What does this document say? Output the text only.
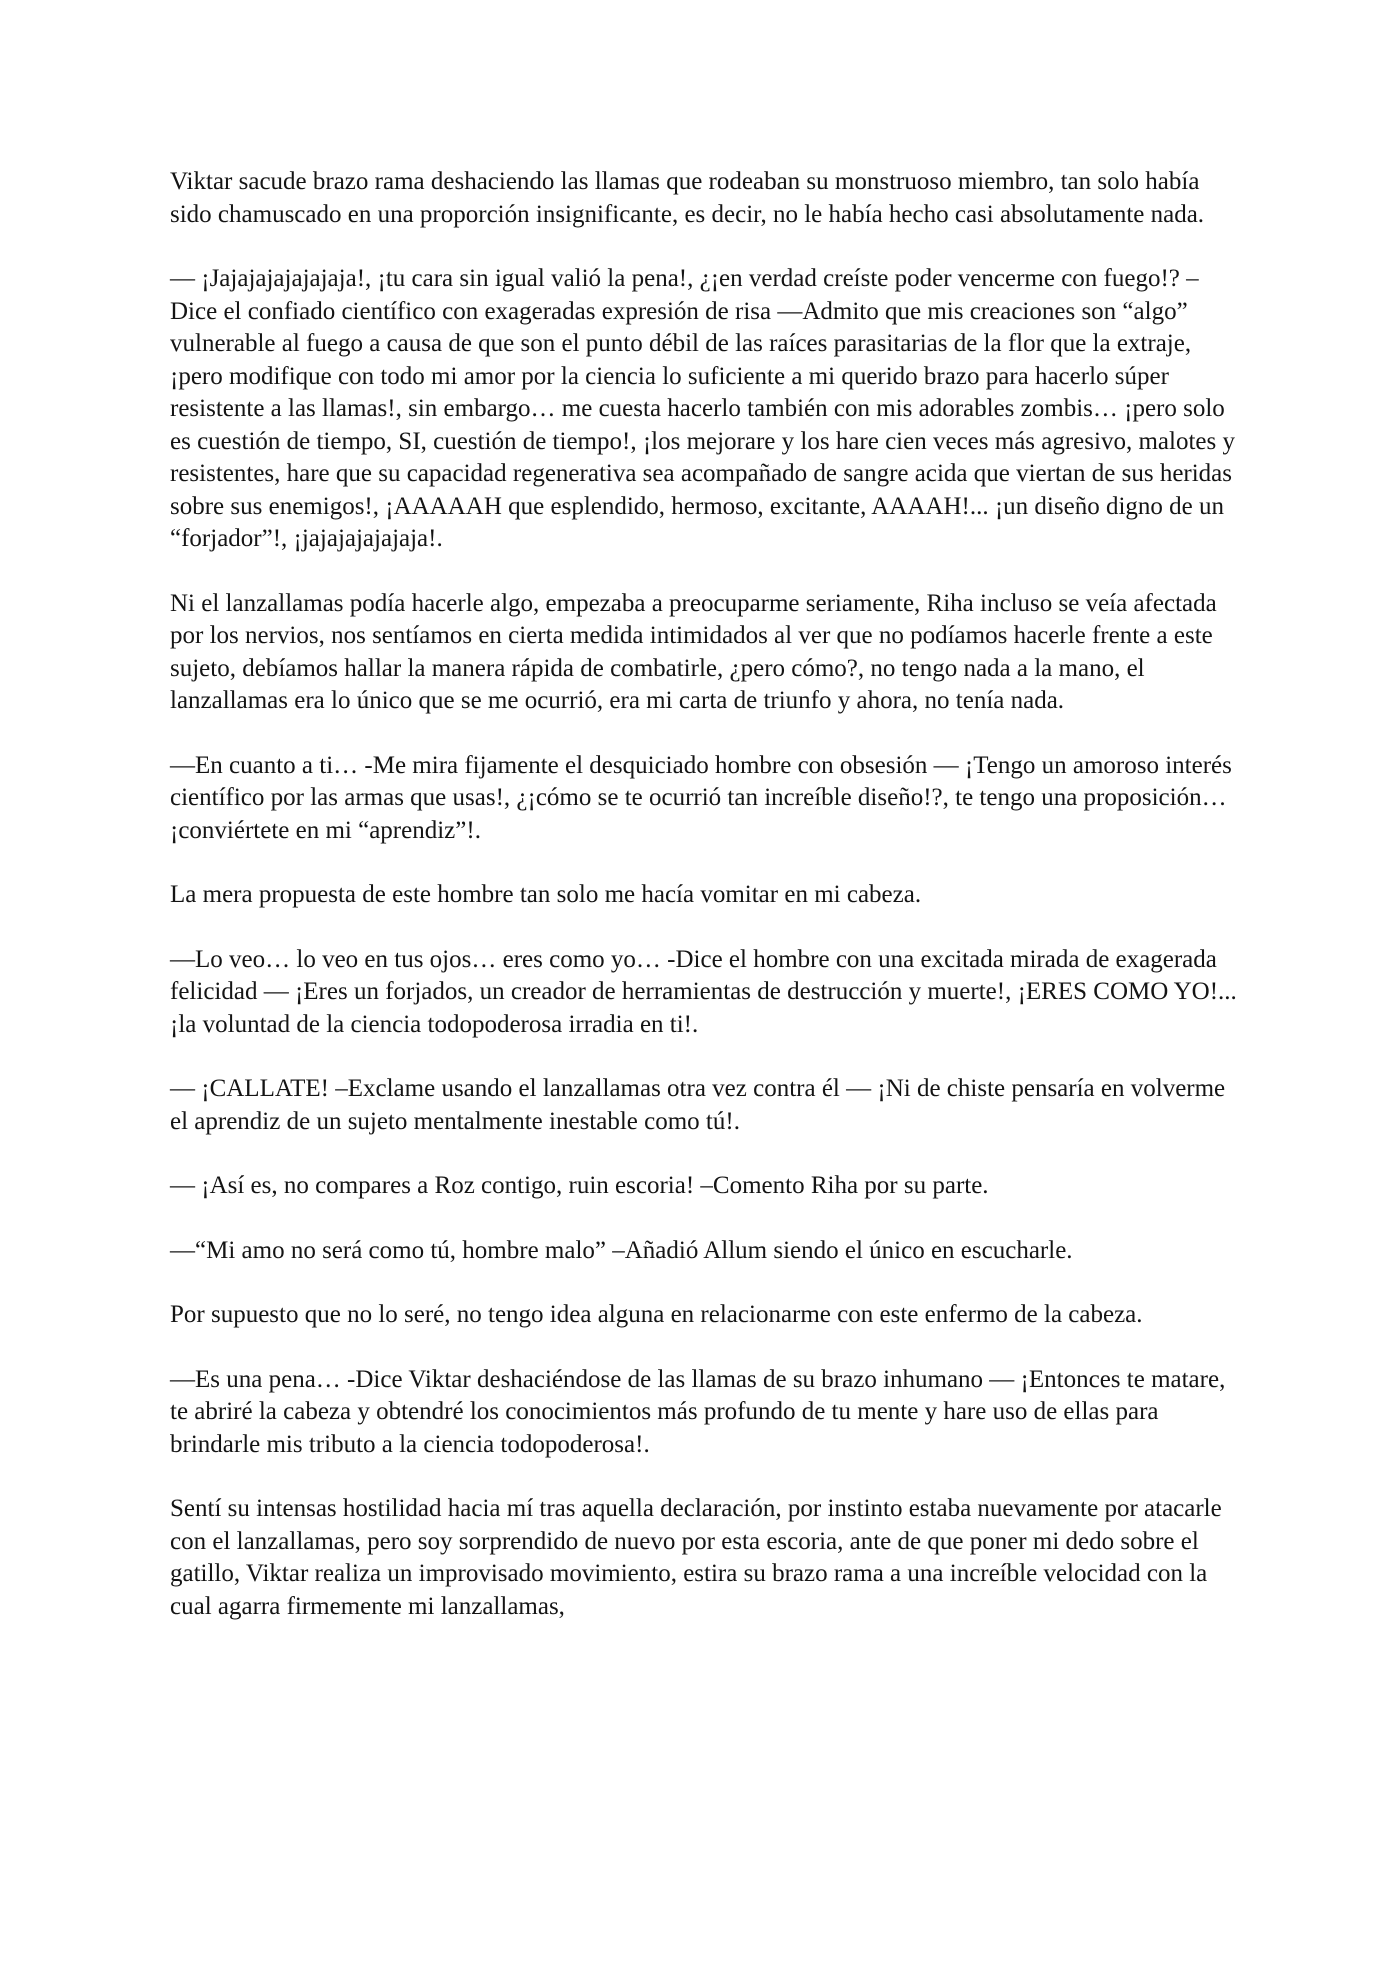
Viktar sacude brazo rama deshaciendo las llamas que rodeaban su monstruoso miembro, tan solo había sido chamuscado en una proporción insignificante, es decir, no le había hecho casi absolutamente nada.

— ¡Jajajajajajajaja!, ¡tu cara sin igual valió la pena!, ¿¡en verdad creíste poder vencerme con fuego!? –Dice el confiado científico con exageradas expresión de risa —Admito que mis creaciones son “algo” vulnerable al fuego a causa de que son el punto débil de las raíces parasitarias de la flor que la extraje, ¡pero modifique con todo mi amor por la ciencia lo suficiente a mi querido brazo para hacerlo súper resistente a las llamas!, sin embargo… me cuesta hacerlo también con mis adorables zombis… ¡pero solo es cuestión de tiempo, SI, cuestión de tiempo!, ¡los mejorare y los hare cien veces más agresivo, malotes y resistentes, hare que su capacidad regenerativa sea acompañado de sangre acida que viertan de sus heridas sobre sus enemigos!, ¡AAAAAH que esplendido, hermoso, excitante, AAAAH!... ¡un diseño digno de un “forjador”!, ¡jajajajajajaja!.

Ni el lanzallamas podía hacerle algo, empezaba a preocuparme seriamente, Riha incluso se veía afectada por los nervios, nos sentíamos en cierta medida intimidados al ver que no podíamos hacerle frente a este sujeto, debíamos hallar la manera rápida de combatirle, ¿pero cómo?, no tengo nada a la mano, el lanzallamas era lo único que se me ocurrió, era mi carta de triunfo y ahora, no tenía nada.

—En cuanto a ti… -Me mira fijamente el desquiciado hombre con obsesión — ¡Tengo un amoroso interés científico por las armas que usas!, ¿¡cómo se te ocurrió tan increíble diseño!?, te tengo una proposición… ¡conviértete en mi “aprendiz”!.

La mera propuesta de este hombre tan solo me hacía vomitar en mi cabeza.

—Lo veo… lo veo en tus ojos… eres como yo… -Dice el hombre con una excitada mirada de exagerada felicidad — ¡Eres un forjados, un creador de herramientas de destrucción y muerte!, ¡ERES COMO YO!... ¡la voluntad de la ciencia todopoderosa irradia en ti!.

— ¡CALLATE! –Exclame usando el lanzallamas otra vez contra él — ¡Ni de chiste pensaría en volverme el aprendiz de un sujeto mentalmente inestable como tú!.

— ¡Así es, no compares a Roz contigo, ruin escoria! –Comento Riha por su parte.

—“Mi amo no será como tú, hombre malo” –Añadió Allum siendo el único en escucharle.

Por supuesto que no lo seré, no tengo idea alguna en relacionarme con este enfermo de la cabeza.

—Es una pena… -Dice Viktar deshaciéndose de las llamas de su brazo inhumano — ¡Entonces te matare, te abriré la cabeza y obtendré los conocimientos más profundo de tu mente y hare uso de ellas para brindarle mis tributo a la ciencia todopoderosa!.

Sentí su intensas hostilidad hacia mí tras aquella declaración, por instinto estaba nuevamente por atacarle con el lanzallamas, pero soy sorprendido de nuevo por esta escoria, ante de que poner mi dedo sobre el gatillo, Viktar realiza un improvisado movimiento, estira su brazo rama a una increíble velocidad con la cual agarra firmemente mi lanzallamas,
